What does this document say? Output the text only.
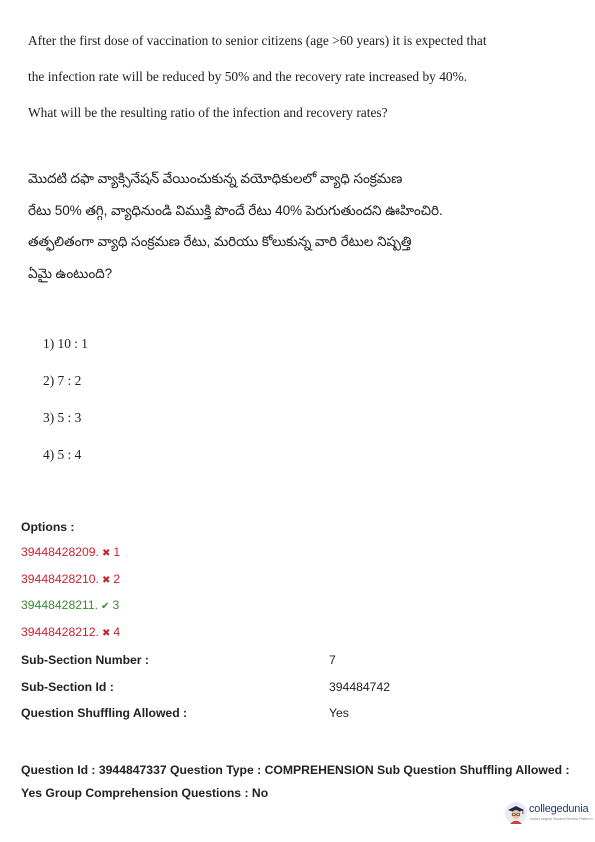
After the first dose of vaccination to senior citizens (age >60 years) it is expected that
the infection rate will be reduced by 50% and the recovery rate increased by 40%.
What will be the resulting ratio of the infection and recovery rates?
మొదటి దఫా వ్యాక్సినేషన్ వేయించుకున్న వయోధికులలో వ్యాధి సంక్రమణ
రేటు 50% తగ్గి, వ్యాధినుండి విముక్తి పొందే రేటు 40% పెరుగుతుందని ఊహించిరి.
తత్ఫలితంగా వ్యాధి సంక్రమణ రేటు, మరియు కోలుకున్న వారి రేటుల నిష్పత్తి
ఏమై ఉంటుంది?
1) 10 : 1
2) 7 : 2
3) 5 : 3
4) 5 : 4
Options :
39448428209. ✖ 1
39448428210. ✖ 2
39448428211. ✔ 3
39448428212. ✖ 4
Sub-Section Number :	7
Sub-Section Id :	394484742
Question Shuffling Allowed :	Yes
Question Id : 3944847337 Question Type : COMPREHENSION Sub Question Shuffling Allowed :
Yes Group Comprehension Questions : No
collegedunia
India's largest Student Review Platform
